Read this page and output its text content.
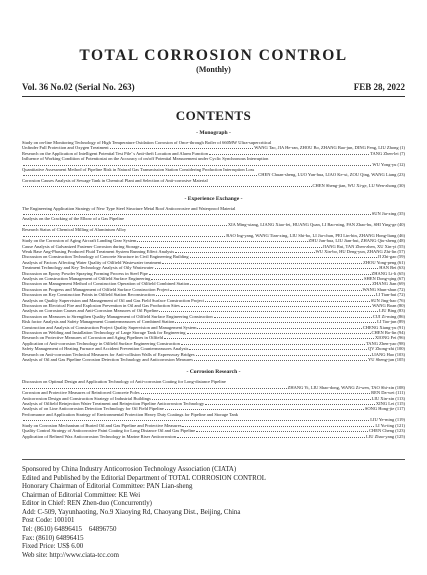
TOTAL CORROSION CONTROL
(Monthly)
Vol. 36 No.02 (Serial No. 263)	FEB 28, 2022
CONTENTS
- Monograph -
Study on on-line Monitoring Technology of High Temperature Oxidation Corrosion of Once-through Boiler of 660MW Ultra-supercritical
Unfinder Full Protection and Oxygen Treatment	WANG Tao, JIA He-ran, ZHOU Bo, ZHANG Bao-jun, DING Feng, LIU Zhong (1)
Research on the Application of Intelligent Potential Test Pile’ s Anti-theft Location and Alarm Function	TANG Zhen-lei (7)
Influence of Working Condition of Potentiostat on the Accuracy of on/off Potential Measurement under Cyclic Synchronous Interruption
WU Yong-yu (12)
Quantitative Assessment Method of Pipeline Risk in Natural Gas Transmission Station Considering Production Interruption Loss
CHEN Chuan-sheng, LUO Yun-hua, LIAO Ke-xi, ZOU Qing, WANG Liang (23)
Corrosion Causes Analysis of Sewage Tank in Chemical Plant and Selection of Anti-corrosive Material
CHEN Sheng-jian, WU Xi-ge, LU Wen-zhong (30)
- Experience Exchange -
The Engineering Application Strategy of New Type Steel Structure Metal Roof Anticorrosive and Waterproof Material
SUN Jia-xing (35)
Analysis on the Cracking of the Elbow of a Gas Pipeline
XIA Ming-xiang, LIANG Xiao-fei, HUANG Quan, LI Bao-ning, FAN Zhao-hu, SHI Ying-ge (40)
Research Status of Chemical Milling of Aluminium Alloy
BAO Ing-yang, WANG Tian-xing, LIU Shi-bo, LI Jia-chun, PEI Lin-bin, ZHANG Hong-liang (46)
Study on the Corrosion of Aging Aircraft Landing Gear System	ZHU Jun-hua, LIU Jian-hui, ZHANG Qiu-sheng (48)
Cause Analysis of Galvanized Fastener Corrosion during Storage	JIANG Rui, TAN Zhen-zhen, XU Xin-yi (55)
Weak Base Ang-Phasing Produced Fluid Treatment System Running Effect Analysis	WU Xin-bo, HU Deng-yun, ZHANG Zhi-lin (57)
Discussion on Construction Technology of Concrete Structure in Civil Engineering Building	JI Zhi-gao (59)
Analysis of Factors Affecting Water Quality of Oilfield Wastewater treatment	ZHOU Yong-peng (61)
Treatment Technology and Key Technology Analysis of Oily Wastewater	HAN Bei (63)
Discussion on Epoxy Powder Spraying Forming Process in Steel Pipe	ZHANG Li-li (65)
Analysis on Construction Management of Oilfield Surface Engineering	SHEN Dong-qing (67)
Discussion on Management Method of Construction Operation of Oilfield Combined Station	ZHANG Jian (69)
Discussion on Progress and Management of Oilfield Surface Construction Project	WANG Shun-shun (72)
Discussion on Key Construction Points in Oilfield Station Reconstruction	LI Tian-hui (72)
Analysis on Quality Supervision and Management of Oil and Gas Field Surface Construction Project	SUN Jing-hao (76)
Discussion on Electrical Fire and Explosion Prevention in Oil and Gas Production Sites	WANG Boan (80)
Analysis on Corrosion Causes and Anti-Corrosion Measures of Oil Pipeline	LIU Bing (83)
Discussion on Measures to Strengthen Quality Management of Oilfield Surface Engineering Construction	CUI Zi-ming (86)
Risk factor Analysis and Safety Management Countermeasures of Combined Station	LI Tao-jun (89)
Construction and Analysis of Construction Project Quality Supervision and Management System	CHENG Xiang-yu (91)
Discussion on Welding and Installation Technology of Large Storage Tank for Engineering	CHEN Bo-lin (94)
Research on Protective Measures of Corrosion and Aging Pipelines in Oilfield	XIONG Fei (96)
Application of Anti-corrosion Technology in Oilfield Surface Engineering Construction	TANG Zhen-yao (98)
Safety Management of Heating Furnace and Accident Prevention Countermeasures Analysis	QV Zhong-zhi (100)
Research on Anti-corrosion Technical Measures for Anti-collision Walls of Expressway Bridges	LIANG Hao (103)
Analysis of Oil and Gas Pipeline Corrosion Detection Technology and Anticorrosion Measures	YU Sheng-jun (105)
- Corrosion Research -
Discussion on Optimal Design and Application Technology of Anti-corrosion Coating for Long-distance Pipeline
ZHANG Yi, LIU Shao-dong, WANG Zi-wen, TAO Shi-xin (108)
Corrosion and Protective Measures of Reinforced Concrete Poles	REN Da-wei (111)
Anticorrosion Design and Construction Strategy of Industrial Buildings	LIU Xin-xin (113)
Analysis of Oilfield Reinjection Water Treatment and Reinjection Pipeline Anticorrosion Technology	XING Lei (115)
Analysis of on Line Anticorrosion Detection Technology for Oil Field Pipeline	SONG Hong-jie (117)
Performance and Application Strategy of Environmental Protection Heavy Duty Coatings for Pipeline and Storage Tank
LIU Ye-ming (119)
Study on Corrosion Mechanism of Buried Oil and Gas Pipeline and Protective Measures	LI Yu-ting (121)
Quality Control Strategy of Anticorrosive Paint Coating for Long Distance Oil and Gas Pipeline	CHEN Cheng (123)
Application of Refined Wax Anticorrosion Technology in Marine Riser Anticorrosion	LIU Zhao-yang (125)
Sponsored by China Industry Anticorrosion Technology Association (CIATA)
Edited and Published by the Editorial Department of TOTAL CORROSION CONTROL
Honorary Chairman of Editorial Committee: PAN Lian-sheng
Chairman of Editorial Committee: KE Wei
Editor in Chief: REN Zhen-duo (Concurrently)
Add: C-509, Yayunhaoting, No.9 Xiaoying Rd, Chaoyang Dist., Beijing, China
Post Code: 100101
Tel: (8610) 64896415    64896750
Fax: (8610) 64896415
Fixed Price: US$ 6.00
Web site: http://www.ciata-tcc.com
